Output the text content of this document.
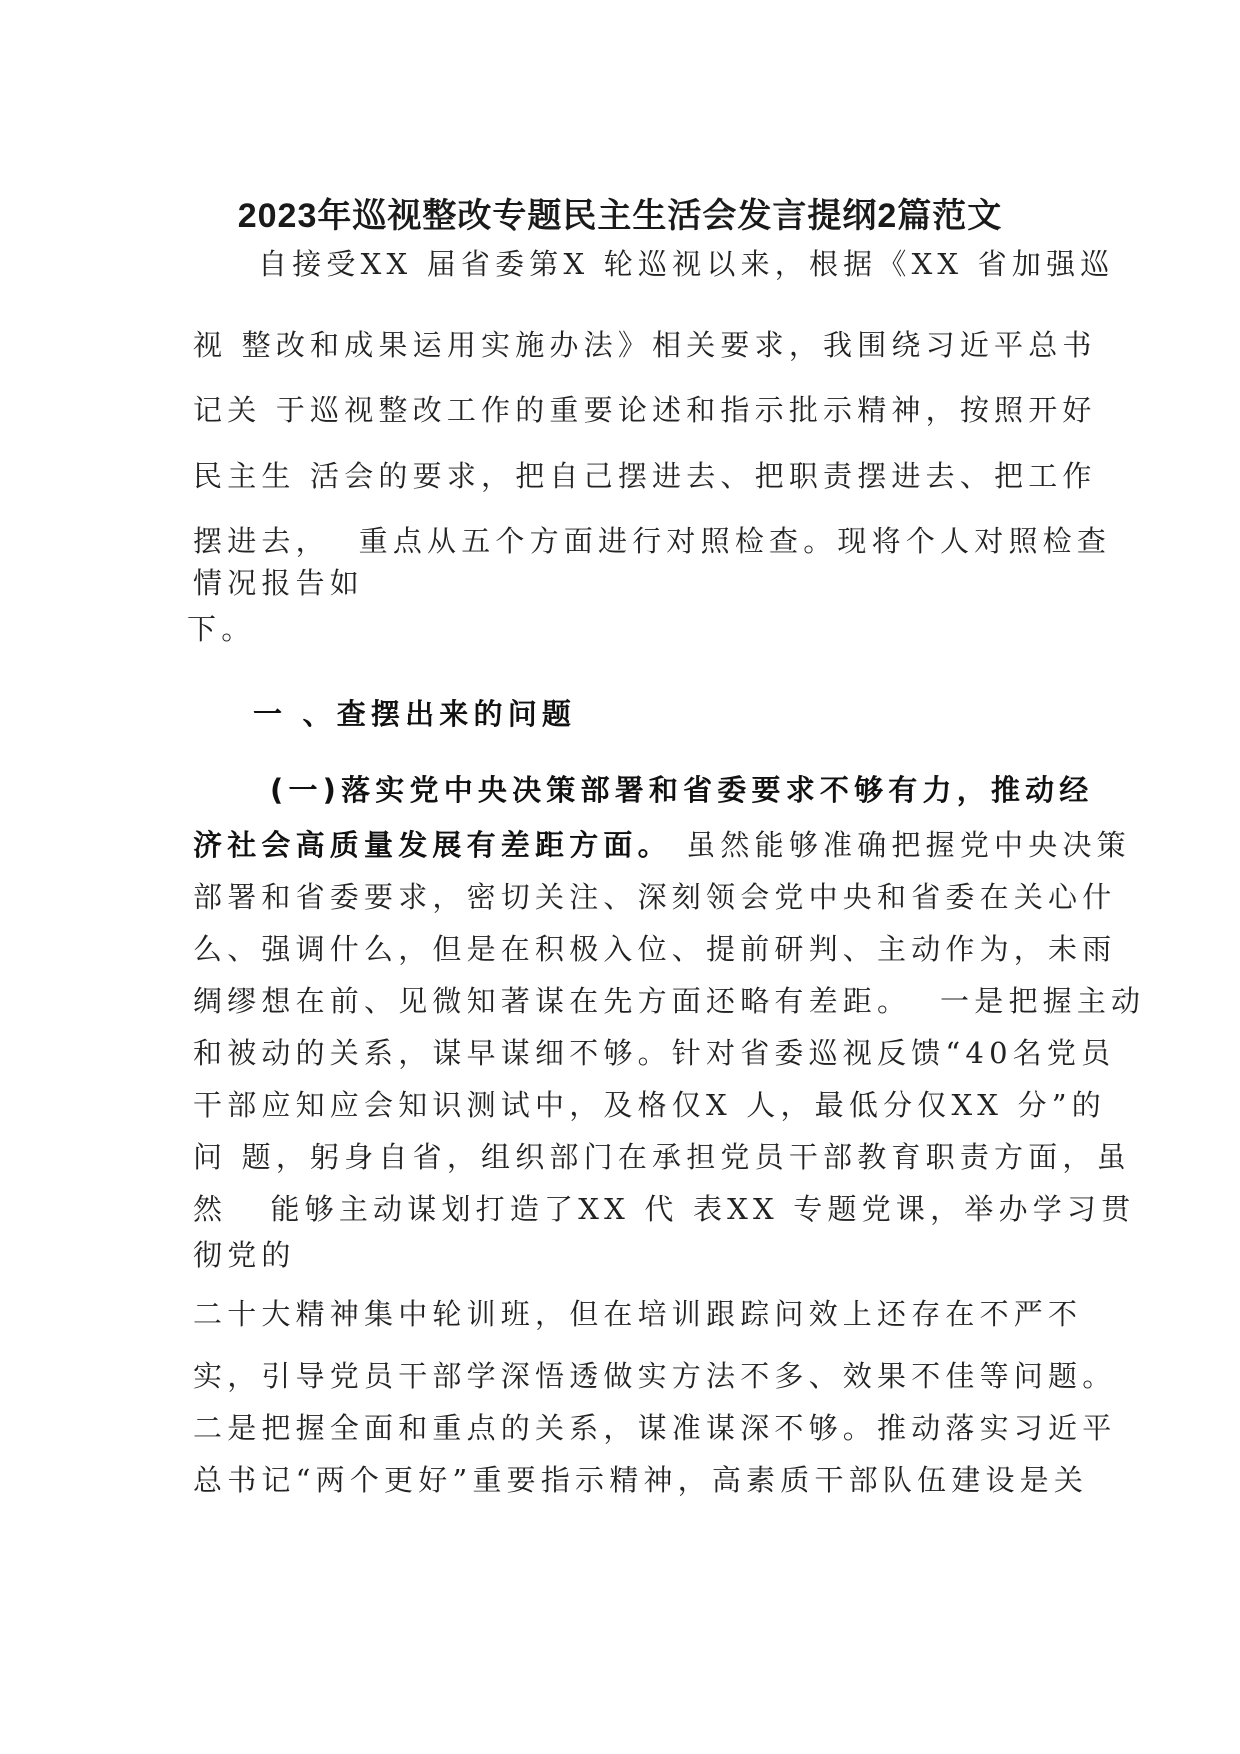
2023年巡视整改专题民主生活会发言提纲2篇范文
自接受XX 届省委第X 轮巡视以来，根据《XX 省加强巡
视 整改和成果运用实施办法》相关要求，我围绕习近平总书
记关 于巡视整改工作的重要论述和指示批示精神，按照开好
民主生 活会的要求，把自己摆进去、把职责摆进去、把工作
摆进去，  重点从五个方面进行对照检查。现将个人对照检查
情况报告如
下。
一 、查摆出来的问题
(一)落实党中央决策部署和省委要求不够有力，推动经
济社会高质量发展有差距方面。 虽然能够准确把握党中央决策
部署和省委要求，密切关注、深刻领会党中央和省委在关心什
么、强调什么，但是在积极入位、提前研判、主动作为，未雨
绸缪想在前、见微知著谋在先方面还略有差距。  一是把握主动
和被动的关系，谋早谋细不够。针对省委巡视反馈“40名党员
干部应知应会知识测试中，及格仅X 人，最低分仅XX 分”的
问 题，躬身自省，组织部门在承担党员干部教育职责方面，虽
然   能够主动谋划打造了XX 代 表XX 专题党课，举办学习贯
彻党的
二十大精神集中轮训班，但在培训跟踪问效上还存在不严不
实，引导党员干部学深悟透做实方法不多、效果不佳等问题。
二是把握全面和重点的关系，谋准谋深不够。推动落实习近平
总书记“两个更好”重要指示精神，高素质干部队伍建设是关
